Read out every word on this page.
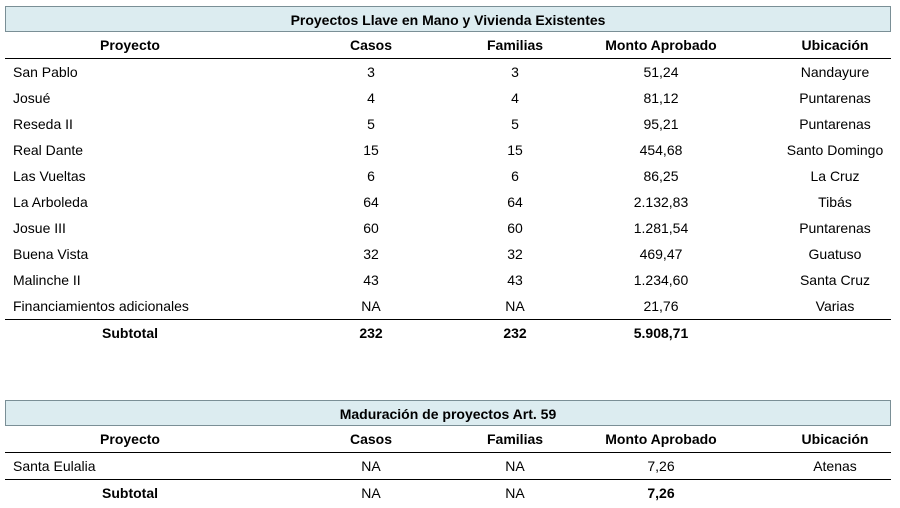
Proyectos Llave en Mano y Vivienda Existentes
Proyecto	Casos	Familias	Monto Aprobado	Ubicación
San Pablo	3	3	51,24	Nandayure
Josué	4	4	81,12	Puntarenas
Reseda II	5	5	95,21	Puntarenas
Real Dante	15	15	454,68	Santo Domingo
Las Vueltas	6	6	86,25	La Cruz
La Arboleda	64	64	2.132,83	Tibás
Josue III	60	60	1.281,54	Puntarenas
Buena Vista	32	32	469,47	Guatuso
Malinche II	43	43	1.234,60	Santa Cruz
Financiamientos adicionales	NA	NA	21,76	Varias
Subtotal	232	232	5.908,71	
Maduración de proyectos Art. 59
Proyecto	Casos	Familias	Monto Aprobado	Ubicación
Santa Eulalia	NA	NA	7,26	Atenas
Subtotal	NA	NA	7,26	
